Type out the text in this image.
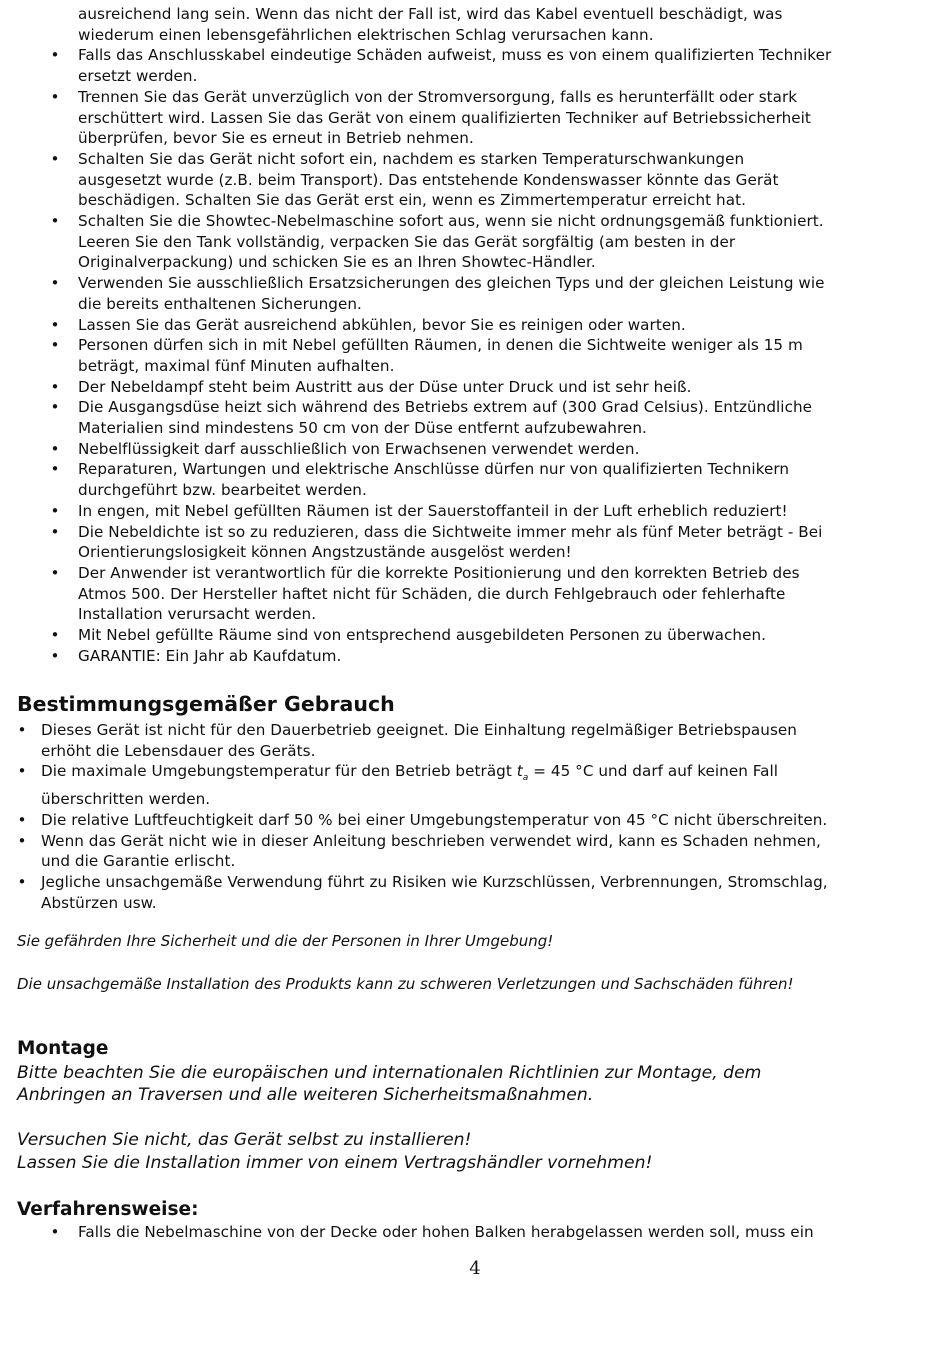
ausreichend lang sein. Wenn das nicht der Fall ist, wird das Kabel eventuell beschädigt, was
wiederum einen lebensgefährlichen elektrischen Schlag verursachen kann.
• Falls das Anschlusskabel eindeutige Schäden aufweist, muss es von einem qualifizierten Techniker
ersetzt werden.
• Trennen Sie das Gerät unverzüglich von der Stromversorgung, falls es herunterfällt oder stark
erschüttert wird. Lassen Sie das Gerät von einem qualifizierten Techniker auf Betriebssicherheit
überprüfen, bevor Sie es erneut in Betrieb nehmen.
• Schalten Sie das Gerät nicht sofort ein, nachdem es starken Temperaturschwankungen
ausgesetzt wurde (z.B. beim Transport). Das entstehende Kondenswasser könnte das Gerät
beschädigen. Schalten Sie das Gerät erst ein, wenn es Zimmertemperatur erreicht hat.
• Schalten Sie die Showtec-Nebelmaschine sofort aus, wenn sie nicht ordnungsgemäß funktioniert.
Leeren Sie den Tank vollständig, verpacken Sie das Gerät sorgfältig (am besten in der
Originalverpackung) und schicken Sie es an Ihren Showtec-Händler.
• Verwenden Sie ausschließlich Ersatzsicherungen des gleichen Typs und der gleichen Leistung wie
die bereits enthaltenen Sicherungen.
• Lassen Sie das Gerät ausreichend abkühlen, bevor Sie es reinigen oder warten.
• Personen dürfen sich in mit Nebel gefüllten Räumen, in denen die Sichtweite weniger als 15 m
beträgt, maximal fünf Minuten aufhalten.
• Der Nebeldampf steht beim Austritt aus der Düse unter Druck und ist sehr heiß.
• Die Ausgangsdüse heizt sich während des Betriebs extrem auf (300 Grad Celsius). Entzündliche
Materialien sind mindestens 50 cm von der Düse entfernt aufzubewahren.
• Nebelflüssigkeit darf ausschließlich von Erwachsenen verwendet werden.
• Reparaturen, Wartungen und elektrische Anschlüsse dürfen nur von qualifizierten Technikern
durchgeführt bzw. bearbeitet werden.
• In engen, mit Nebel gefüllten Räumen ist der Sauerstoffanteil in der Luft erheblich reduziert!
• Die Nebeldichte ist so zu reduzieren, dass die Sichtweite immer mehr als fünf Meter beträgt - Bei
Orientierungslosigkeit können Angstzustände ausgelöst werden!
• Der Anwender ist verantwortlich für die korrekte Positionierung und den korrekten Betrieb des
Atmos 500. Der Hersteller haftet nicht für Schäden, die durch Fehlgebrauch oder fehlerhafte
Installation verursacht werden.
• Mit Nebel gefüllte Räume sind von entsprechend ausgebildeten Personen zu überwachen.
• GARANTIE: Ein Jahr ab Kaufdatum.
Bestimmungsgemäßer Gebrauch
• Dieses Gerät ist nicht für den Dauerbetrieb geeignet. Die Einhaltung regelmäßiger Betriebspausen
erhöht die Lebensdauer des Geräts.
• Die maximale Umgebungstemperatur für den Betrieb beträgt $t_a = 45$ °C und darf auf keinen Fall
überschritten werden.
• Die relative Luftfeuchtigkeit darf 50 % bei einer Umgebungstemperatur von 45 °C nicht überschreiten.
• Wenn das Gerät nicht wie in dieser Anleitung beschrieben verwendet wird, kann es Schaden nehmen,
und die Garantie erlischt.
• Jegliche unsachgemäße Verwendung führt zu Risiken wie Kurzschlüssen, Verbrennungen, Stromschlag,
Abstürzen usw.
Sie gefährden Ihre Sicherheit und die der Personen in Ihrer Umgebung!
Die unsachgemäße Installation des Produkts kann zu schweren Verletzungen und Sachschäden führen!
Montage
Bitte beachten Sie die europäischen und internationalen Richtlinien zur Montage, dem
Anbringen an Traversen und alle weiteren Sicherheitsmaßnahmen.
Versuchen Sie nicht, das Gerät selbst zu installieren!
Lassen Sie die Installation immer von einem Vertragshändler vornehmen!
Verfahrensweise:
• Falls die Nebelmaschine von der Decke oder hohen Balken herabgelassen werden soll, muss ein
4
